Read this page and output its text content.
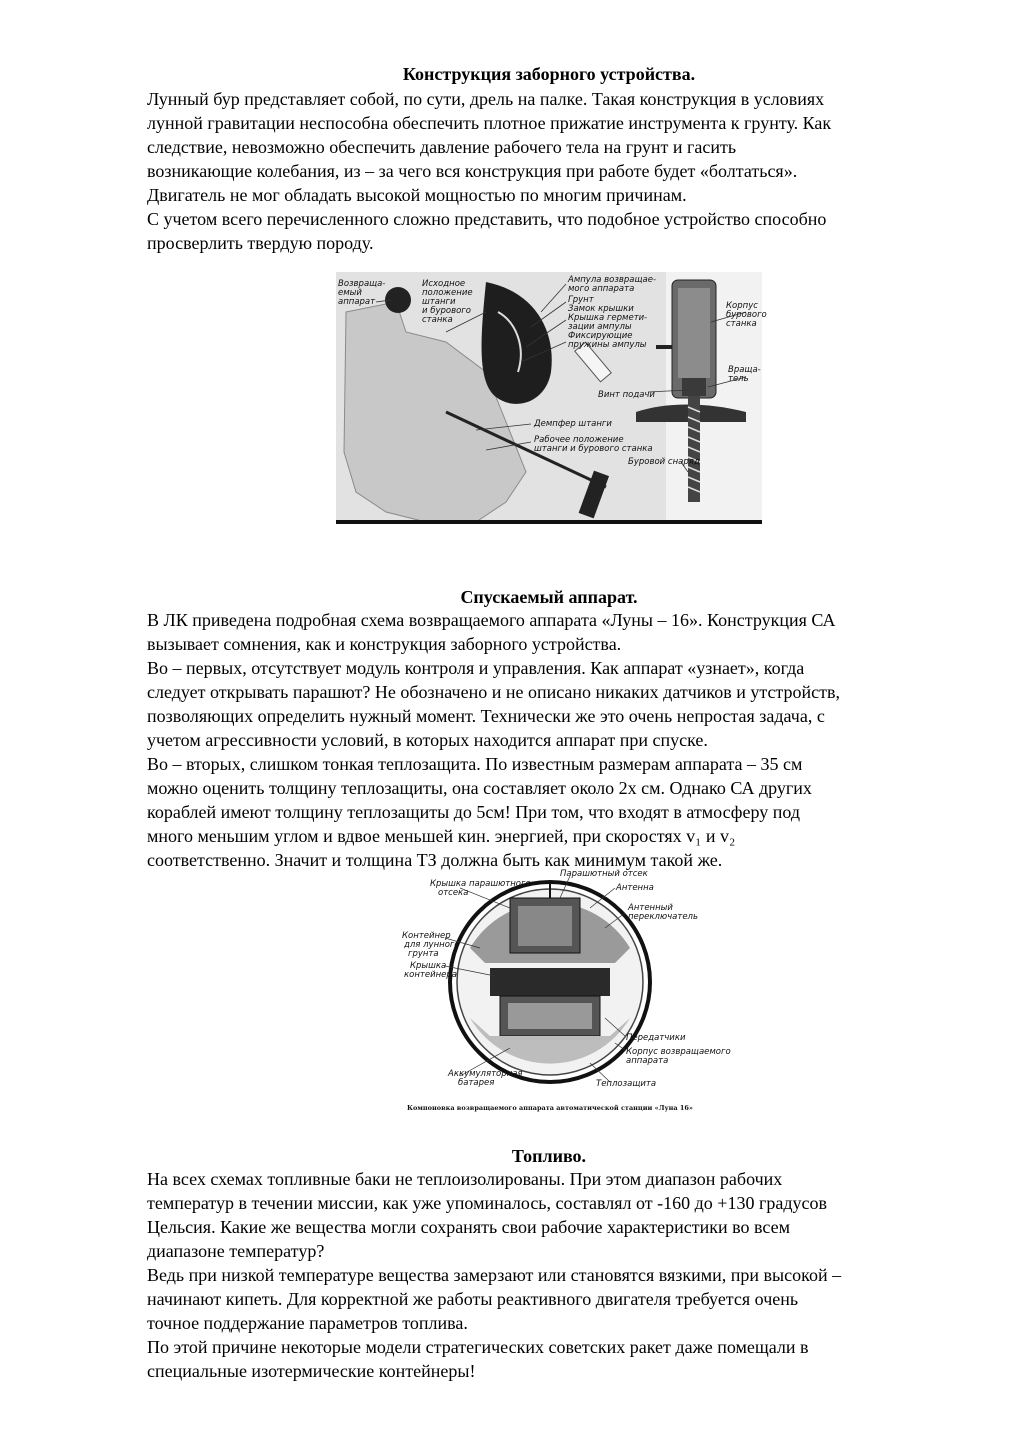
Конструкция заборного устройства.
Лунный бур представляет собой, по сути, дрель на палке. Такая конструкция в условиях
лунной гравитации неспособна обеспечить плотное прижатие инструмента к грунту. Как
следствие, невозможно обеспечить давление рабочего тела на грунт и гасить
возникающие колебания, из – за чего вся конструкция при работе будет «болтаться».
Двигатель не мог обладать высокой мощностью по многим причинам.
С учетом всего перечисленного сложно представить, что подобное устройство способно
просверлить твердую породу.
Возвраща-емый аппарат
Исходное положение штанги и бурового станка
Ампула возвращае-мого аппарата
Грунт
Замок крышки
Крышка гермети-зации ампулы
Фиксирующие пружины ампулы
Корпус бурового станка
Враща-тель
Винт подачи
Демпфер штанги
Рабочее положение штанги и бурового станка
Буровой снаряд
Спускаемый аппарат.
В ЛК приведена подробная схема возвращаемого аппарата «Луны – 16». Конструкция СА
вызывает сомнения, как и конструкция заборного устройства.
Во – первых, отсутствует модуль контроля и управления. Как аппарат «узнает», когда
следует открывать парашют? Не обозначено и не описано никаких датчиков и утстройств,
позволяющих определить нужный момент. Технически же это очень непростая задача, с
учетом агрессивности условий, в которых находится аппарат при спуске.
Во – вторых, слишком тонкая теплозащита. По известным размерам аппарата – 35 см
можно оценить толщину теплозащиты, она составляет около 2х см. Однако СА других
кораблей имеют толщину теплозащиты до 5см! При том, что входят в атмосферу под
много меньшим углом и вдвое меньшей кин. энергией, при скоростях v₁ и v₂
соответственно. Значит и толщина ТЗ должна быть как минимум такой же.
Парашютный отсек
Крышка парашютного отсека	Антенна
Антенный переключатель
Контейнер для лунного грунта
Крышка контейнера
Передатчики
Корпус возвращаемого аппарата
Аккумуляторная батарея	Теплозащита
Компоновка возвращаемого аппарата автоматической станции «Луна 16»
Топливо.
На всех схемах топливные баки не теплоизолированы. При этом диапазон рабочих
температур в течении миссии, как уже упоминалось, составлял от -160 до +130 градусов
Цельсия. Какие же вещества могли сохранять свои рабочие характеристики во всем
диапазоне температур?
Ведь при низкой температуре вещества замерзают или становятся вязкими, при высокой –
начинают кипеть. Для корректной же работы реактивного двигателя требуется очень
точное поддержание параметров топлива.
По этой причине некоторые модели стратегических советских ракет даже помещали в
специальные изотермические контейнеры!
